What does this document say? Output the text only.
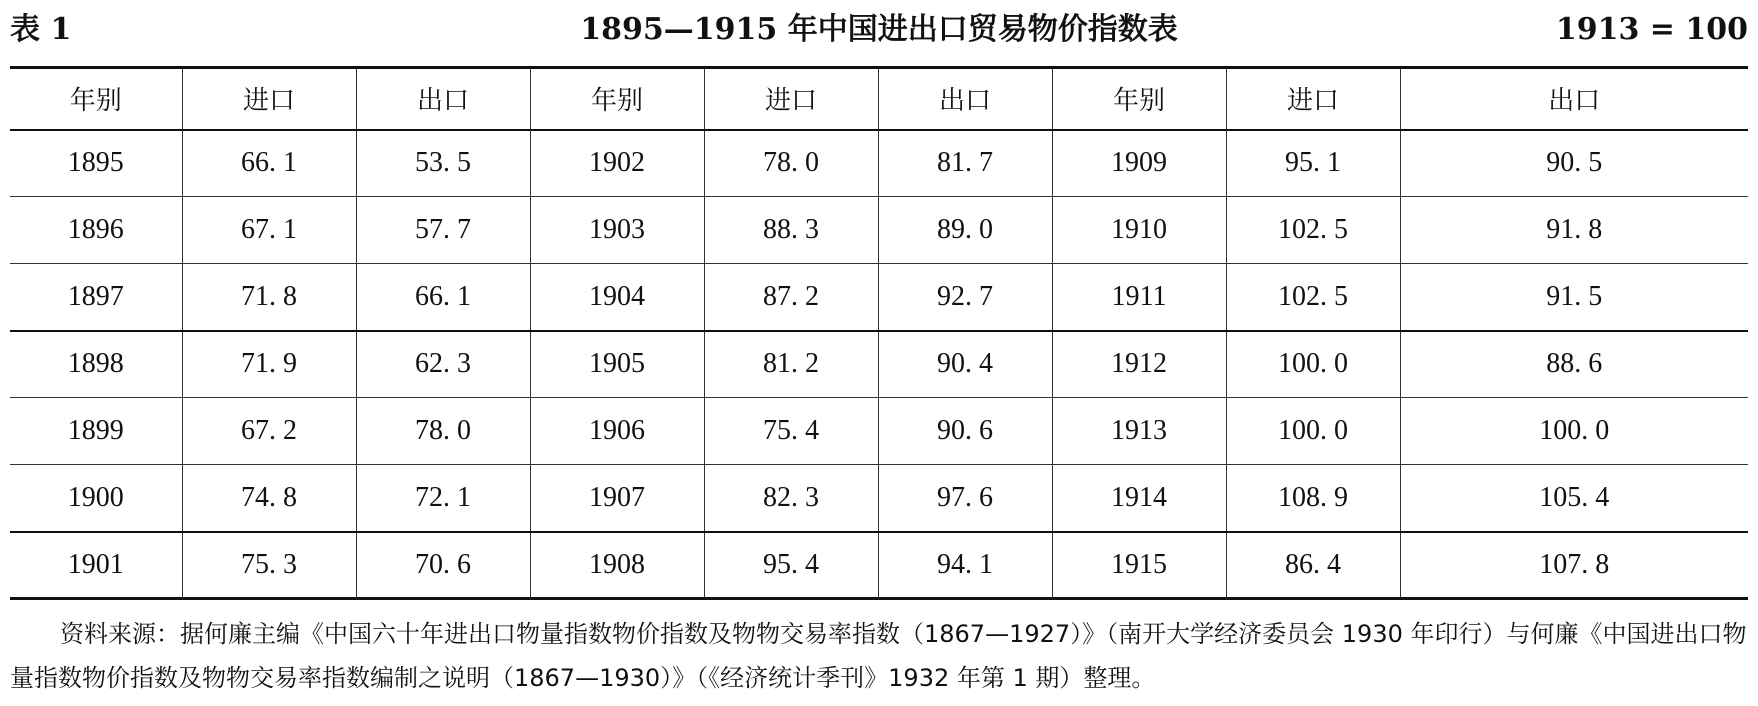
表 1	1895—1915 年中国进出口贸易物价指数表	1913 = 100
年别	进口	出口	年别	进口	出口	年别	进口	出口
1895	66. 1	53. 5	1902	78. 0	81. 7	1909	95. 1	90. 5
1896	67. 1	57. 7	1903	88. 3	89. 0	1910	102. 5	91. 8
1897	71. 8	66. 1	1904	87. 2	92. 7	1911	102. 5	91. 5
1898	71. 9	62. 3	1905	81. 2	90. 4	1912	100. 0	88. 6
1899	67. 2	78. 0	1906	75. 4	90. 6	1913	100. 0	100. 0
1900	74. 8	72. 1	1907	82. 3	97. 6	1914	108. 9	105. 4
1901	75. 3	70. 6	1908	95. 4	94. 1	1915	86. 4	107. 8
资料来源：据何廉主编《中国六十年进出口物量指数物价指数及物物交易率指数（1867—1927）》（南开大学经济委员会 1930 年印行）与何廉《中国进出口物量指数物价指数及物物交易率指数编制之说明（1867—1930）》（《经济统计季刊》1932 年第 1 期）整理。
